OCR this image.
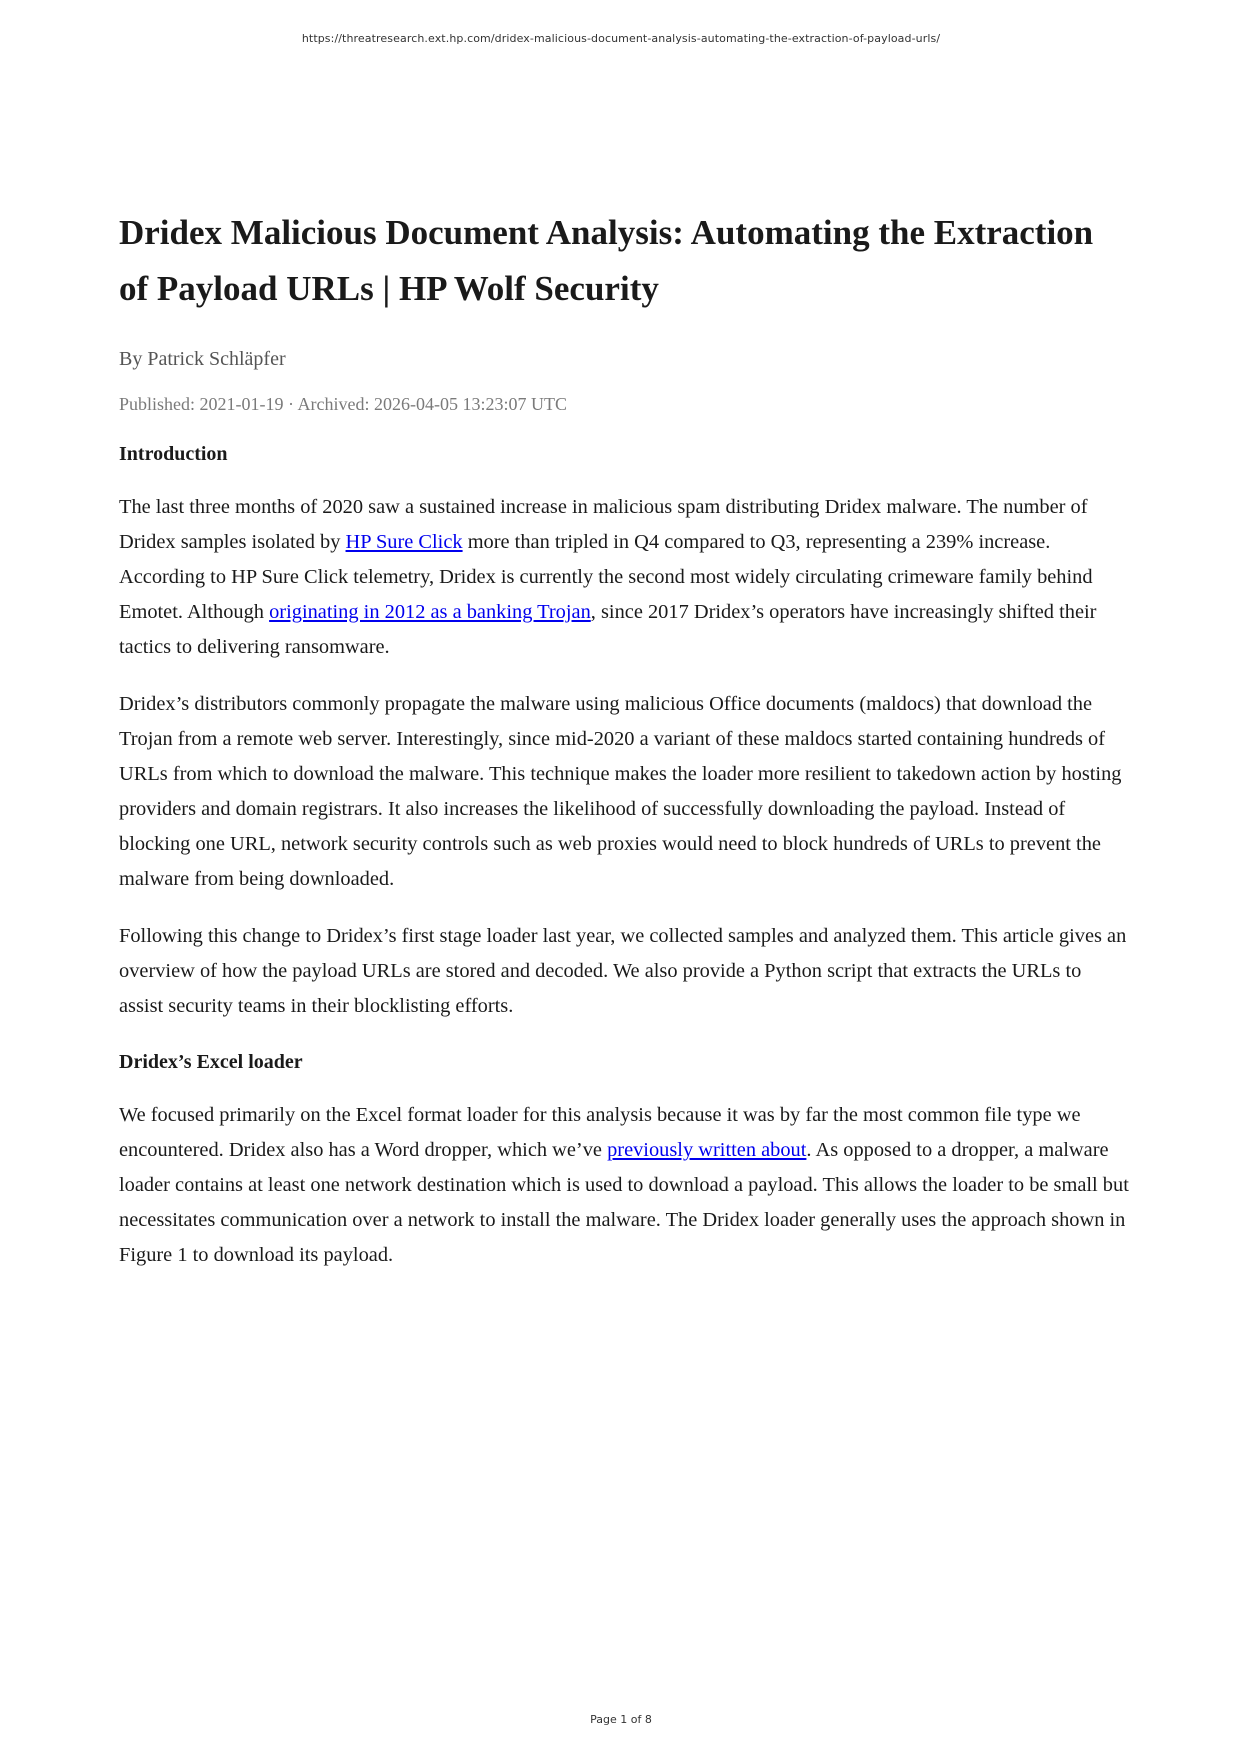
https://threatresearch.ext.hp.com/dridex-malicious-document-analysis-automating-the-extraction-of-payload-urls/
Dridex Malicious Document Analysis: Automating the Extraction of Payload URLs | HP Wolf Security
By Patrick Schläpfer
Published: 2021-01-19 · Archived: 2026-04-05 13:23:07 UTC
Introduction

The last three months of 2020 saw a sustained increase in malicious spam distributing Dridex malware. The number of Dridex samples isolated by HP Sure Click more than tripled in Q4 compared to Q3, representing a 239% increase. According to HP Sure Click telemetry, Dridex is currently the second most widely circulating crimeware family behind Emotet. Although originating in 2012 as a banking Trojan, since 2017 Dridex’s operators have increasingly shifted their tactics to delivering ransomware.

Dridex’s distributors commonly propagate the malware using malicious Office documents (maldocs) that download the Trojan from a remote web server. Interestingly, since mid-2020 a variant of these maldocs started containing hundreds of URLs from which to download the malware. This technique makes the loader more resilient to takedown action by hosting providers and domain registrars. It also increases the likelihood of successfully downloading the payload. Instead of blocking one URL, network security controls such as web proxies would need to block hundreds of URLs to prevent the malware from being downloaded.

Following this change to Dridex’s first stage loader last year, we collected samples and analyzed them. This article gives an overview of how the payload URLs are stored and decoded. We also provide a Python script that extracts the URLs to assist security teams in their blocklisting efforts.

Dridex’s Excel loader

We focused primarily on the Excel format loader for this analysis because it was by far the most common file type we encountered. Dridex also has a Word dropper, which we’ve previously written about. As opposed to a dropper, a malware loader contains at least one network destination which is used to download a payload. This allows the loader to be small but necessitates communication over a network to install the malware. The Dridex loader generally uses the approach shown in Figure 1 to download its payload.

Page 1 of 8
